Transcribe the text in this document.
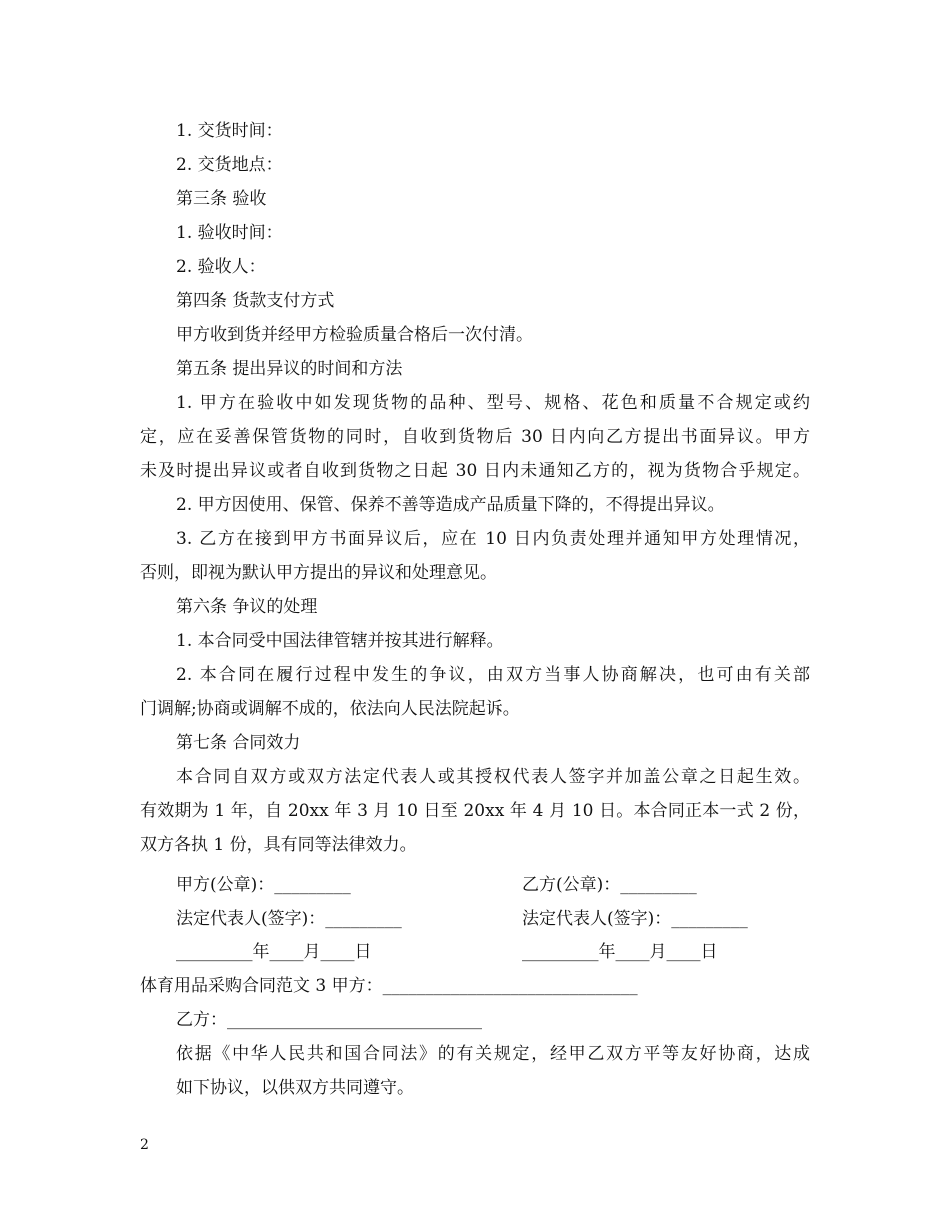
1. 交货时间：
2. 交货地点：
第三条 验收
1. 验收时间：
2. 验收人：
第四条 货款支付方式
甲方收到货并经甲方检验质量合格后一次付清。
第五条 提出异议的时间和方法
1. 甲方在验收中如发现货物的品种、型号、规格、花色和质量不合规定或约
定，应在妥善保管货物的同时，自收到货物后 30 日内向乙方提出书面异议。甲方
未及时提出异议或者自收到货物之日起 30 日内未通知乙方的，视为货物合乎规定。
2. 甲方因使用、保管、保养不善等造成产品质量下降的，不得提出异议。
3. 乙方在接到甲方书面异议后，应在 10 日内负责处理并通知甲方处理情况，
否则，即视为默认甲方提出的异议和处理意见。
第六条 争议的处理
1. 本合同受中国法律管辖并按其进行解释。
2. 本合同在履行过程中发生的争议，由双方当事人协商解决，也可由有关部
门调解;协商或调解不成的，依法向人民法院起诉。
第七条 合同效力
本合同自双方或双方法定代表人或其授权代表人签字并加盖公章之日起生效。
有效期为 1 年，自 20xx 年 3 月 10 日至 20xx 年 4 月 10 日。本合同正本一式 2 份，
双方各执 1 份，具有同等法律效力。
甲方(公章)：_________	乙方(公章)：_________
法定代表人(签字)：_________	法定代表人(签字)：_________
_________年____月____日	_________年____月____日
体育用品采购合同范文 3 甲方：______________________________
乙方：______________________________
依据《中华人民共和国合同法》的有关规定，经甲乙双方平等友好协商，达成
如下协议，以供双方共同遵守。
2
